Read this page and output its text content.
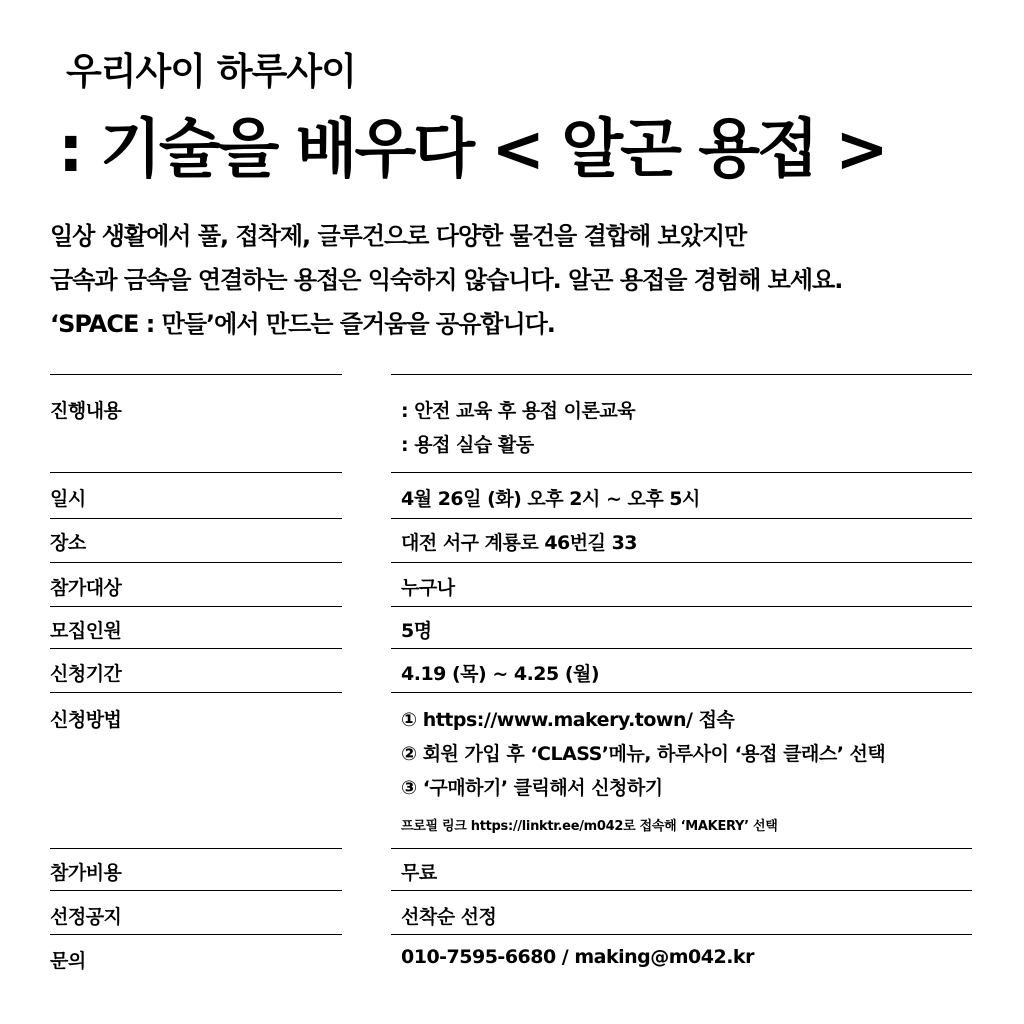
우리사이 하루사이
: 기술을 배우다 < 알곤 용접 >
일상 생활에서 풀, 접착제, 글루건으로 다양한 물건을 결합해 보았지만
금속과 금속을 연결하는 용접은 익숙하지 않습니다. 알곤 용접을 경험해 보세요.
‘SPACE : 만들’에서 만드는 즐거움을 공유합니다.
진행내용	: 안전 교육 후 용접 이론교육
: 용접 실습 활동
일시	4월 26일 (화) 오후 2시 ~ 오후 5시
장소	대전 서구 계룡로 46번길 33
참가대상	누구나
모집인원	5명
신청기간	4.19 (목) ~ 4.25 (월)
신청방법	① https://www.makery.town/ 접속
② 회원 가입 후 ‘CLASS’메뉴, 하루사이 ‘용접 클래스’ 선택
③ ‘구매하기’ 클릭해서 신청하기
프로필 링크 https://linktr.ee/m042로 접속해 ‘MAKERY’ 선택
참가비용	무료
선정공지	선착순 선정
문의	010-7595-6680 / making@m042.kr
